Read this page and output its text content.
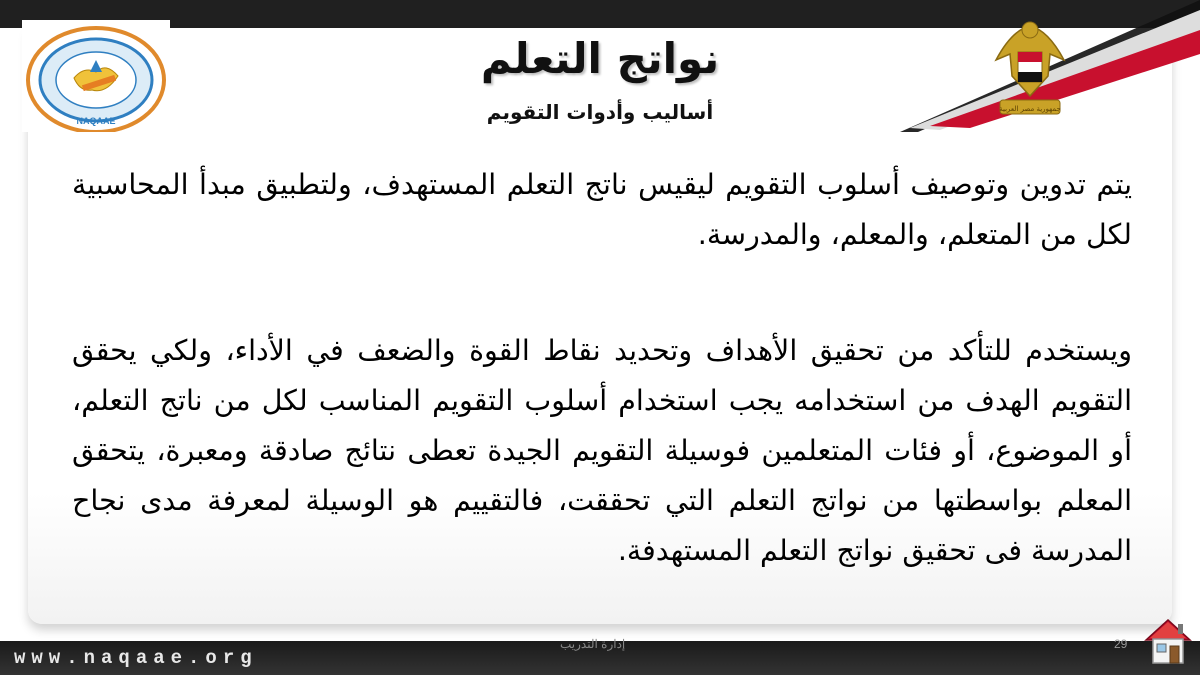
NAQAAE
جمهورية مصر العربية
نواتج التعلم
أساليب وأدوات التقويم
يتم تدوين وتوصيف أسلوب التقويم ليقيس ناتج التعلم المستهدف، ولتطبيق مبدأ المحاسبية لكل من المتعلم، والمعلم، والمدرسة.
ويستخدم للتأكد من تحقيق الأهداف وتحديد نقاط القوة والضعف في الأداء، ولكي يحقق التقويم الهدف من استخدامه يجب استخدام أسلوب التقويم المناسب لكل من ناتج التعلم، أو الموضوع، أو فئات المتعلمين فوسيلة التقويم الجيدة تعطى نتائج صادقة ومعبرة، يتحقق المعلم بواسطتها من نواتج التعلم التي تحققت، فالتقييم هو الوسيلة لمعرفة مدى نجاح المدرسة فى تحقيق نواتج التعلم المستهدفة.
www.naqaae.org
إدارة التدريب	29
